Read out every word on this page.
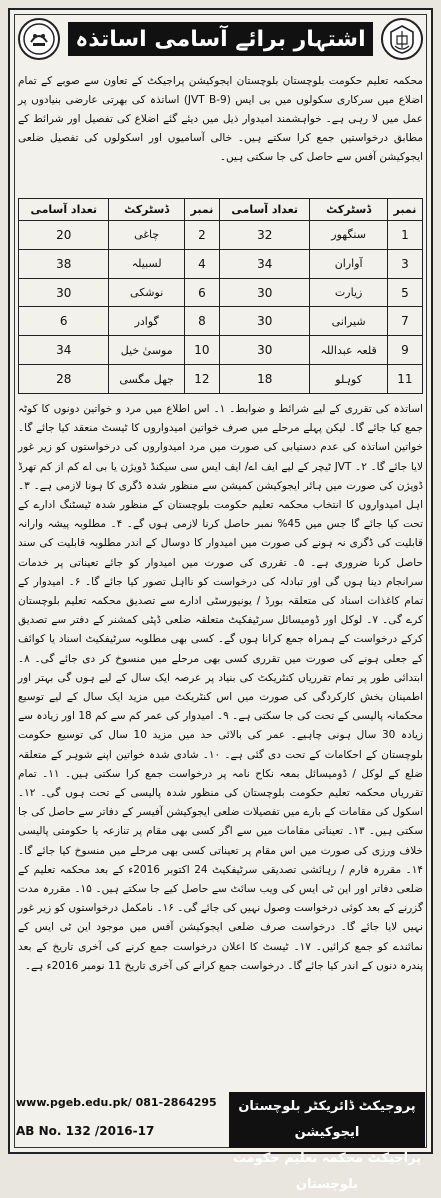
اشتہار برائے آسامی اساتذہ
محکمہ تعلیم حکومت بلوچستان بلوچستان ایجوکیشن پراجیکٹ کے تعاون سے صوبے کے تمام اضلاع میں سرکاری سکولوں میں بی ایس (JVT B-9) اساتذہ کی بھرتی عارضی بنیادوں پر عمل میں لا رہی ہے۔ خواہشمند امیدوار ذیل میں دیئے گئے اضلاع کی تفصیل اور شرائط کے مطابق درخواستیں جمع کرا سکتے ہیں۔ خالی آسامیوں اور اسکولوں کی تفصیل ضلعی ایجوکیشن آفس سے حاصل کی جا سکتی ہیں۔
نمبر	ڈسٹرکٹ	تعداد آسامی	نمبر	ڈسٹرکٹ	تعداد آسامی
1	سنگھور	32	2	چاغی	20
3	آواران	34	4	لسبیلہ	38
5	زیارت	30	6	نوشکی	30
7	شیرانی	30	8	گوادر	6
9	قلعہ عبداللہ	30	10	موسیٰ خیل	34
11	کوہلو	18	12	جھل مگسی	28
اساتذہ کی تقرری کے لیے شرائط و ضوابط۔ ۱۔ اس اطلاع میں مرد و خواتین دونوں کا کوٹہ جمع کیا جائے گا۔ لیکن پہلے مرحلے میں صرف خواتین امیدواروں کا ٹیسٹ منعقد کیا جائے گا۔ خواتین اساتذہ کی عدم دستیابی کی صورت میں مرد امیدواروں کی درخواستوں کو زیر غور لایا جائے گا۔ ۲۔ JVT ٹیچر کے لیے ایف اے/ ایف ایس سی سیکنڈ ڈویژن یا بی اے کم از کم تھرڈ ڈویژن کی صورت میں ہائر ایجوکیشن کمیشن سے منظور شدہ ڈگری کا ہونا لازمی ہے۔ ۳۔ اہل امیدواروں کا انتخاب محکمہ تعلیم حکومت بلوچستان کے منظور شدہ ٹیسٹنگ ادارے کے تحت کیا جائے گا جس میں 45% نمبر حاصل کرنا لازمی ہوں گے۔ ۴۔ مطلوبہ پیشہ وارانہ قابلیت کی ڈگری نہ ہونے کی صورت میں امیدوار کا دوسال کے اندر مطلوبہ قابلیت کی سند حاصل کرنا ضروری ہے۔ ۵۔ تقرری کی صورت میں امیدوار کو جائے تعیناتی پر خدمات سرانجام دینا ہوں گی اور تبادلہ کی درخواست کو نااہل تصور کیا جائے گا۔ ۶۔ امیدوار کے تمام کاغذات اسناد کی متعلقہ بورڈ / یونیورسٹی ادارے سے تصدیق محکمہ تعلیم بلوچستان کرے گی۔ ۷۔ لوکل اور ڈومیسائل سرٹیفکیٹ متعلقہ ضلعی ڈپٹی کمشنر کے دفتر سے تصدیق کرکے درخواست کے ہمراہ جمع کرانا ہوں گے۔ کسی بھی مطلوبہ سرٹیفکیٹ اسناد یا کوائف کے جعلی ہونے کی صورت میں تقرری کسی بھی مرحلے میں منسوخ کر دی جائے گی۔ ۸۔ ابتدائی طور پر تمام تقرریاں کنٹریکٹ کی بنیاد پر عرصہ ایک سال کے لیے ہوں گی بہتر اور اطمینان بخش کارکردگی کی صورت میں اس کنٹریکٹ میں مزید ایک سال کے لیے توسیع محکمانہ پالیسی کے تحت کی جا سکتی ہے۔ ۹۔ امیدوار کی عمر کم سے کم 18 اور زیادہ سے زیادہ 30 سال ہونی چاہیے۔ عمر کی بالائی حد میں مزید 10 سال کی توسیع حکومت بلوچستان کے احکامات کے تحت دی گئی ہے۔ ۱۰۔ شادی شدہ خواتین اپنے شوہر کے متعلقہ ضلع کے لوکل / ڈومیسائل بمعہ نکاح نامہ پر درخواست جمع کرا سکتی ہیں۔ ۱۱۔ تمام تقرریاں محکمہ تعلیم حکومت بلوچستان کی منظور شدہ پالیسی کے تحت ہوں گی۔ ۱۲۔ اسکول کی مقامات کے بارے میں تفصیلات ضلعی ایجوکیشن آفیسر کے دفاتر سے حاصل کی جا سکتی ہیں۔ ۱۳۔ تعیناتی مقامات میں سے اگر کسی بھی مقام پر تنازعہ یا حکومتی پالیسی خلاف ورزی کی صورت میں اس مقام پر تعیناتی کسی بھی مرحلے میں منسوخ کیا جائے گا۔ ۱۴۔ مقررہ فارم / رہائشی تصدیقی سرٹیفکیٹ 24 اکتوبر 2016ء کے بعد محکمہ تعلیم کے ضلعی دفاتر اور این ٹی ایس کی ویب سائٹ سے حاصل کیے جا سکتے ہیں۔ ۱۵۔ مقررہ مدت گزرنے کے بعد کوئی درخواست وصول نہیں کی جائے گی۔ ۱۶۔ نامکمل درخواستوں کو زیر غور نہیں لایا جائے گا۔ درخواست صرف ضلعی ایجوکیشن آفس میں موجود این ٹی ایس کے نمائندے کو جمع کرائیں۔ ۱۷۔ ٹیسٹ کا اعلان درخواست جمع کرنے کی آخری تاریخ کے بعد پندرہ دنوں کے اندر کیا جائے گا۔ درخواست جمع کرانے کی آخری تاریخ 11 نومبر 2016ء ہے۔
www.pgeb.edu.pk/ 081-2864295
AB No. 132 /2016-17
پروجیکٹ ڈائریکٹر بلوچستان ایجوکیشن
پراجیکٹ محکمہ تعلیم حکومت بلوچستان
